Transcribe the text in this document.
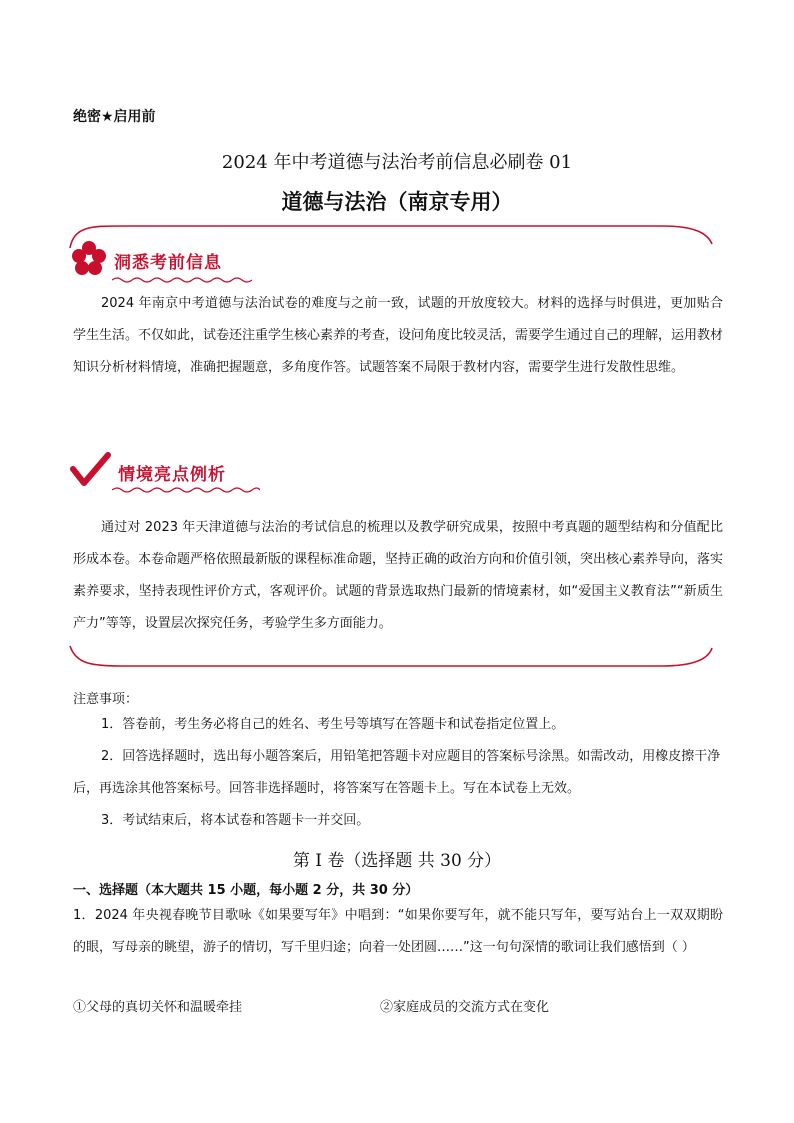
绝密★启用前
2024 年中考道德与法治考前信息必刷卷 01
道德与法治（南京专用）
洞悉考前信息
2024 年南京中考道德与法治试卷的难度与之前一致，试题的开放度较大。材料的选择与时俱进，更加贴合学生生活。不仅如此，试卷还注重学生核心素养的考查，设问角度比较灵活，需要学生通过自己的理解，运用教材知识分析材料情境，准确把握题意，多角度作答。试题答案不局限于教材内容，需要学生进行发散性思维。
情境亮点例析
通过对 2023 年天津道德与法治的考试信息的梳理以及教学研究成果，按照中考真题的题型结构和分值配比形成本卷。本卷命题严格依照最新版的课程标准命题，坚持正确的政治方向和价值引领，突出核心素养导向，落实素养要求，坚持表现性评价方式，客观评价。试题的背景选取热门最新的情境素材，如“爱国主义教育法”“新质生产力”等等，设置层次探究任务，考验学生多方面能力。
注意事项：
1．答卷前，考生务必将自己的姓名、考生号等填写在答题卡和试卷指定位置上。
2．回答选择题时，选出每小题答案后，用铅笔把答题卡对应题目的答案标号涂黑。如需改动，用橡皮擦干净后，再选涂其他答案标号。回答非选择题时，将答案写在答题卡上。写在本试卷上无效。
3．考试结束后，将本试卷和答题卡一并交回。
第 I 卷（选择题 共 30 分）
一、选择题（本大题共 15 小题，每小题 2 分，共 30 分）
1．2024 年央视春晚节目歌咏《如果要写年》中唱到：“如果你要写年，就不能只写年，要写站台上一双双期盼的眼，写母亲的眺望，游子的情切，写千里归途；向着一处团圆……”这一句句深情的歌词让我们感悟到（ ）
①父母的真切关怀和温暖牵挂	②家庭成员的交流方式在变化
